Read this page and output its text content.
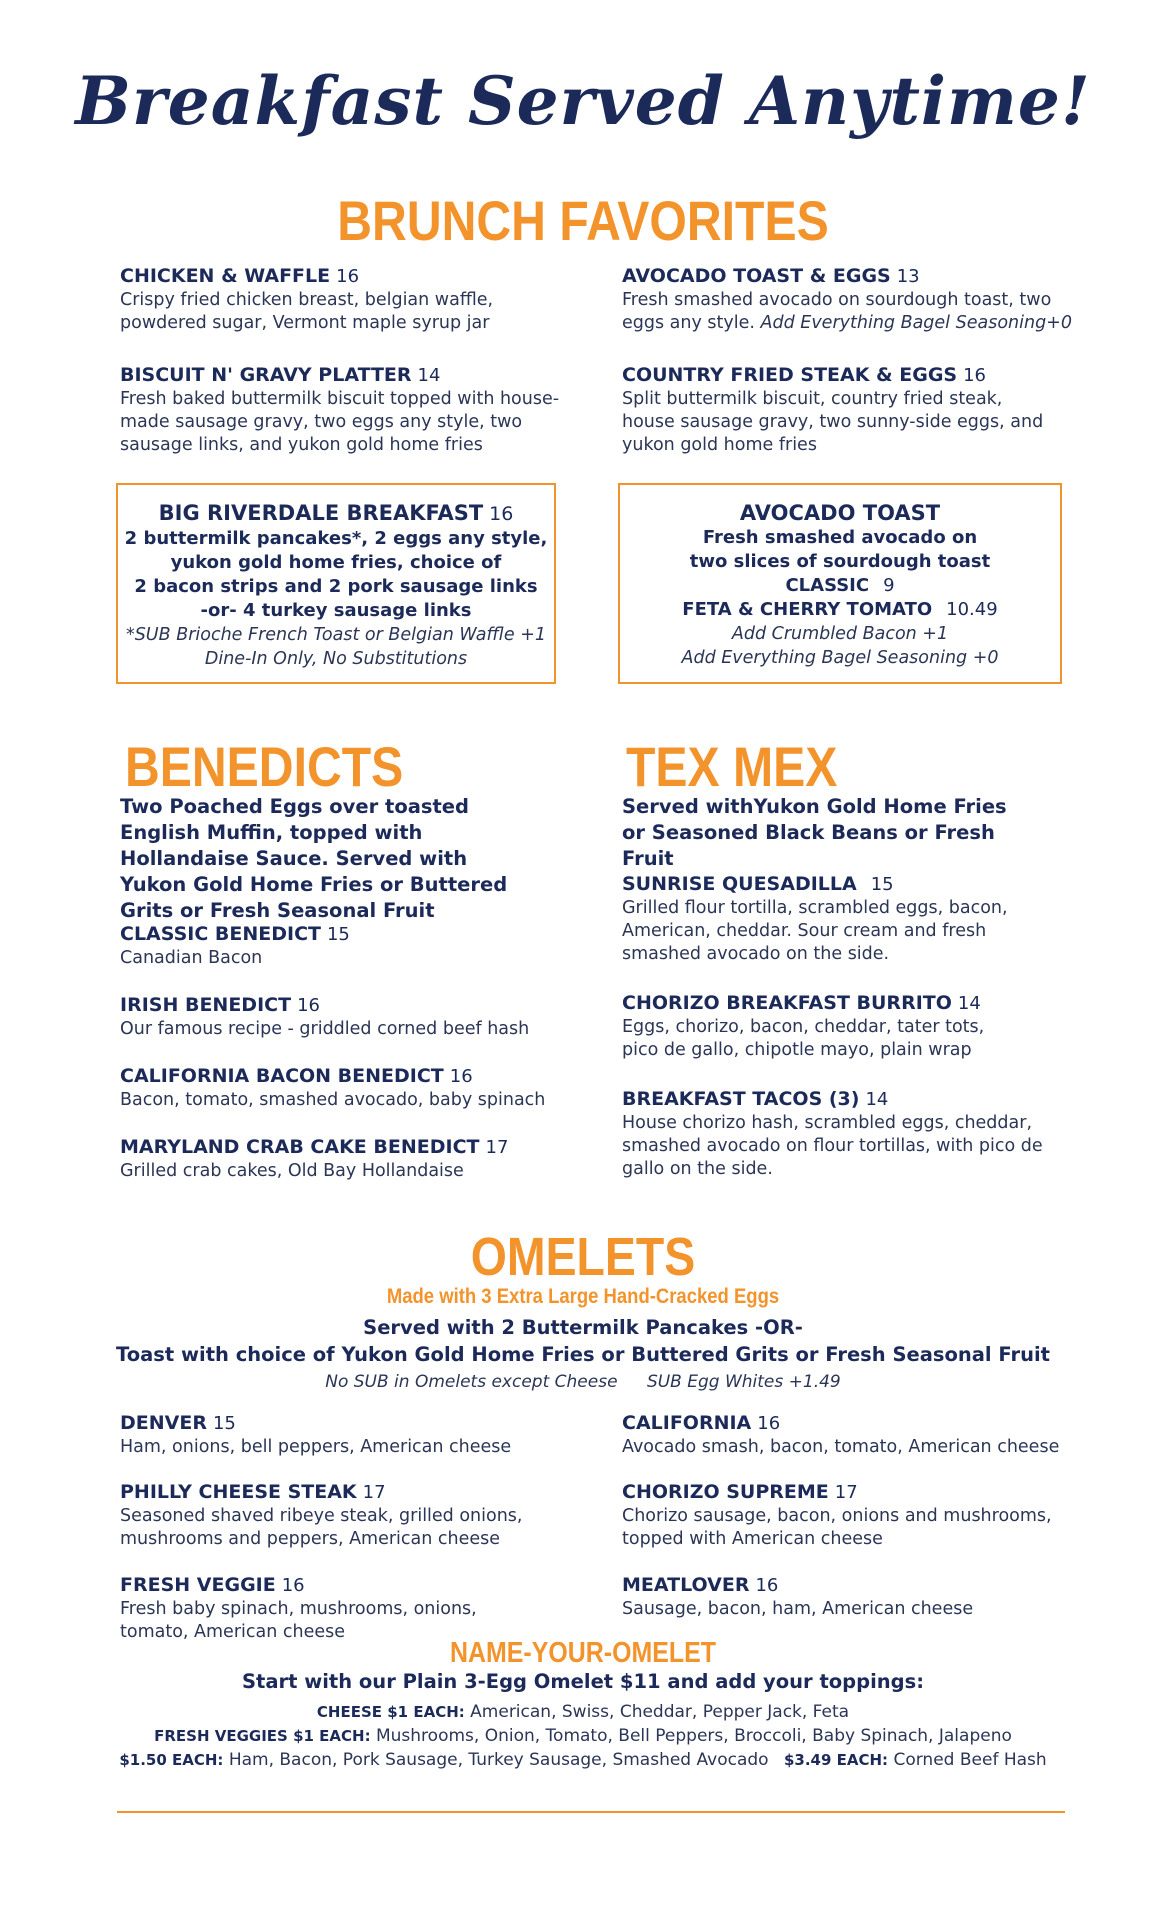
Breakfast Served Anytime!
BRUNCH FAVORITES
CHICKEN & WAFFLE 16
Crispy fried chicken breast, belgian waffle, powdered sugar, Vermont maple syrup jar
AVOCADO TOAST & EGGS 13
Fresh smashed avocado on sourdough toast, two eggs any style. Add Everything Bagel Seasoning+0
BISCUIT N' GRAVY PLATTER 14
Fresh baked buttermilk biscuit topped with house-made sausage gravy, two eggs any style, two sausage links, and yukon gold home fries
COUNTRY FRIED STEAK & EGGS 16
Split buttermilk biscuit, country fried steak, house sausage gravy, two sunny-side eggs, and yukon gold home fries
BIG RIVERDALE BREAKFAST 16
2 buttermilk pancakes*, 2 eggs any style,
yukon gold home fries, choice of
2 bacon strips and 2 pork sausage links
-or- 4 turkey sausage links
*SUB Brioche French Toast or Belgian Waffle +1
Dine-In Only, No Substitutions
AVOCADO TOAST
Fresh smashed avocado on
two slices of sourdough toast
CLASSIC 9
FETA & CHERRY TOMATO 10.49
Add Crumbled Bacon +1
Add Everything Bagel Seasoning +0
BENEDICTS
Two Poached Eggs over toasted English Muffin, topped with Hollandaise Sauce. Served with Yukon Gold Home Fries or Buttered Grits or Fresh Seasonal Fruit
CLASSIC BENEDICT 15
Canadian Bacon
IRISH BENEDICT 16
Our famous recipe - griddled corned beef hash
CALIFORNIA BACON BENEDICT 16
Bacon, tomato, smashed avocado, baby spinach
MARYLAND CRAB CAKE BENEDICT 17
Grilled crab cakes, Old Bay Hollandaise
TEX MEX
Served withYukon Gold Home Fries or Seasoned Black Beans or Fresh Fruit
SUNRISE QUESADILLA 15
Grilled flour tortilla, scrambled eggs, bacon, American, cheddar. Sour cream and fresh smashed avocado on the side.
CHORIZO BREAKFAST BURRITO 14
Eggs, chorizo, bacon, cheddar, tater tots, pico de gallo, chipotle mayo, plain wrap
BREAKFAST TACOS (3) 14
House chorizo hash, scrambled eggs, cheddar, smashed avocado on flour tortillas, with pico de gallo on the side.
OMELETS
Made with 3 Extra Large Hand-Cracked Eggs
Served with 2 Buttermilk Pancakes -OR-
Toast with choice of Yukon Gold Home Fries or Buttered Grits or Fresh Seasonal Fruit
No SUB in Omelets except Cheese SUB Egg Whites +1.49
DENVER 15
Ham, onions, bell peppers, American cheese
CALIFORNIA 16
Avocado smash, bacon, tomato, American cheese
PHILLY CHEESE STEAK 17
Seasoned shaved ribeye steak, grilled onions, mushrooms and peppers, American cheese
CHORIZO SUPREME 17
Chorizo sausage, bacon, onions and mushrooms, topped with American cheese
FRESH VEGGIE 16
Fresh baby spinach, mushrooms, onions, tomato, American cheese
MEATLOVER 16
Sausage, bacon, ham, American cheese
NAME-YOUR-OMELET
Start with our Plain 3-Egg Omelet $11 and add your toppings:
CHEESE $1 EACH: American, Swiss, Cheddar, Pepper Jack, Feta
FRESH VEGGIES $1 EACH: Mushrooms, Onion, Tomato, Bell Peppers, Broccoli, Baby Spinach, Jalapeno
$1.50 EACH: Ham, Bacon, Pork Sausage, Turkey Sausage, Smashed Avocado $3.49 EACH: Corned Beef Hash
